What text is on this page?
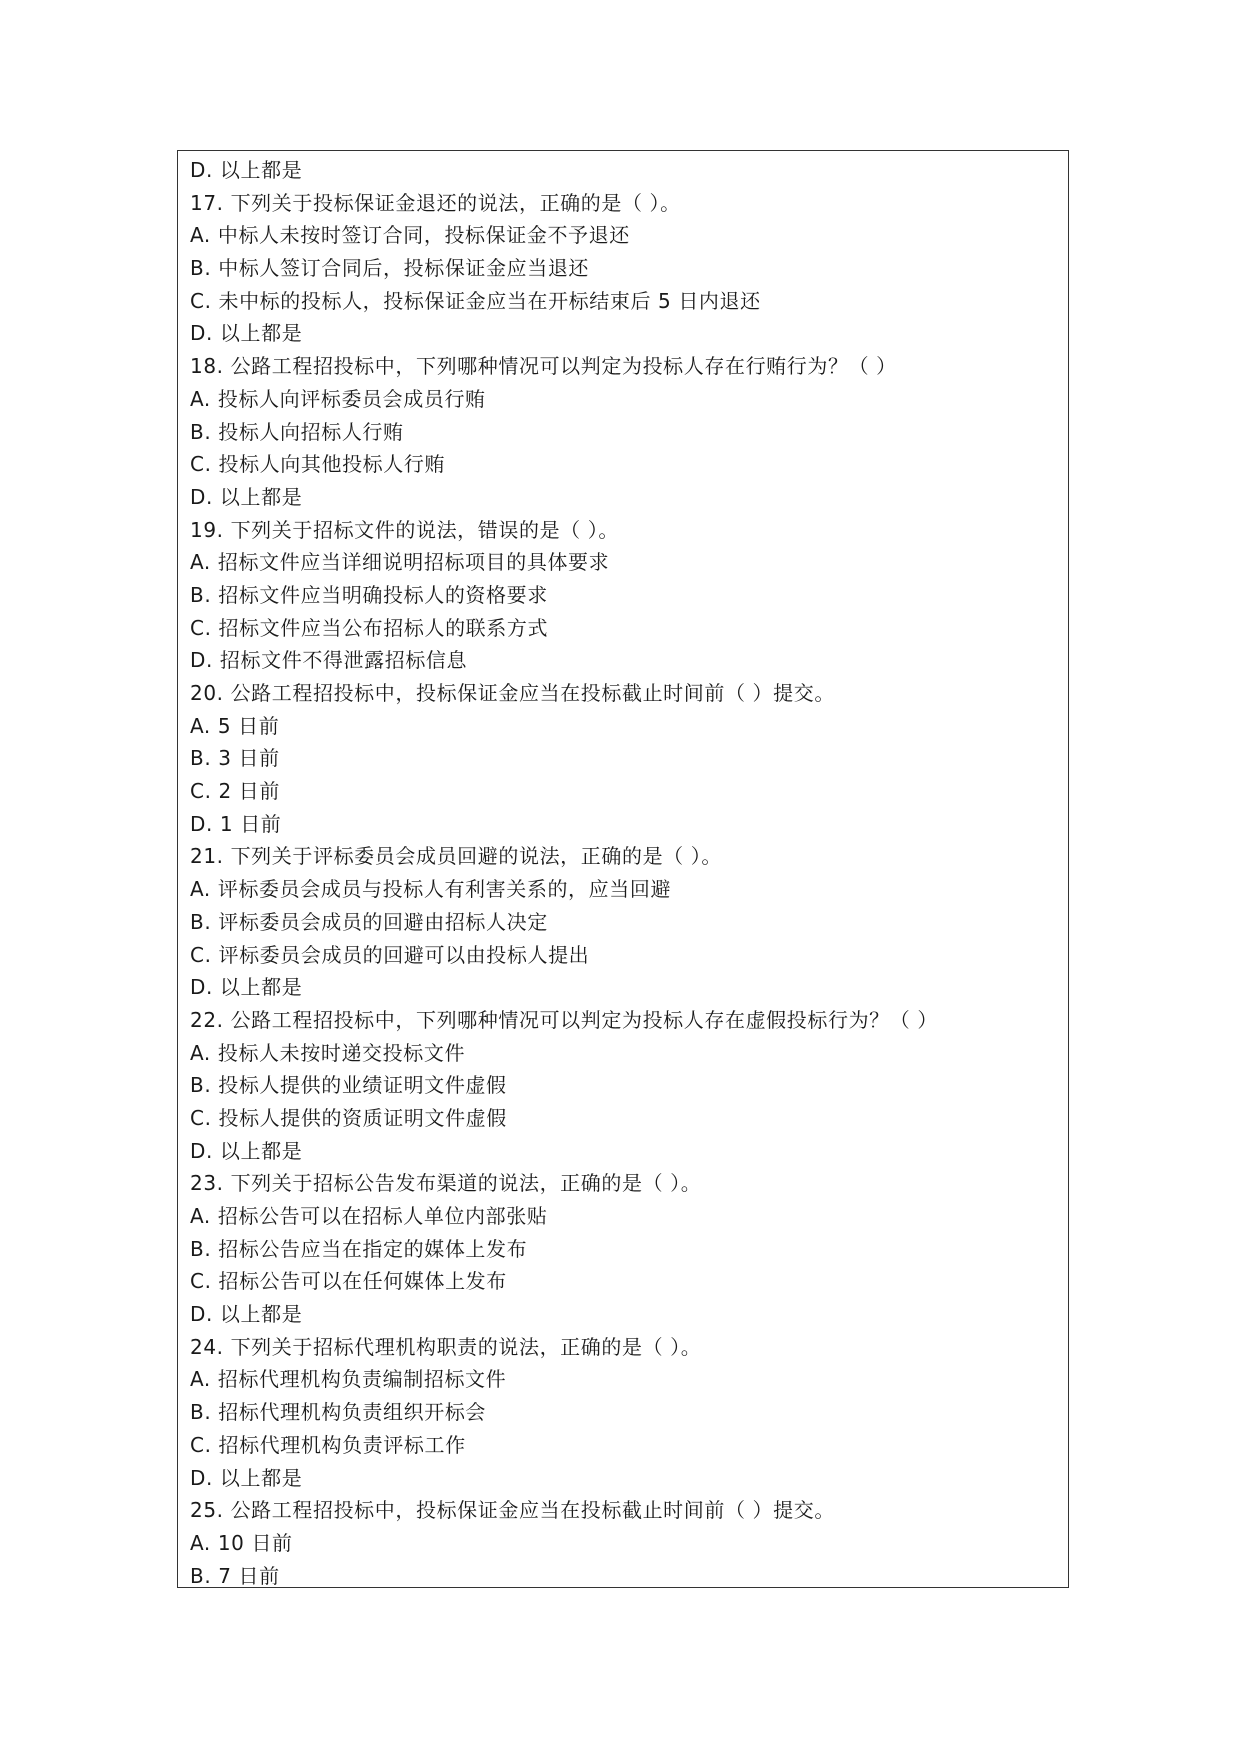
D. 以上都是
17. 下列关于投标保证金退还的说法，正确的是（ ）。
A. 中标人未按时签订合同，投标保证金不予退还
B. 中标人签订合同后，投标保证金应当退还
C. 未中标的投标人，投标保证金应当在开标结束后 5 日内退还
D. 以上都是
18. 公路工程招投标中，下列哪种情况可以判定为投标人存在行贿行为？（ ）
A. 投标人向评标委员会成员行贿
B. 投标人向招标人行贿
C. 投标人向其他投标人行贿
D. 以上都是
19. 下列关于招标文件的说法，错误的是（ ）。
A. 招标文件应当详细说明招标项目的具体要求
B. 招标文件应当明确投标人的资格要求
C. 招标文件应当公布招标人的联系方式
D. 招标文件不得泄露招标信息
20. 公路工程招投标中，投标保证金应当在投标截止时间前（ ）提交。
A. 5 日前
B. 3 日前
C. 2 日前
D. 1 日前
21. 下列关于评标委员会成员回避的说法，正确的是（ ）。
A. 评标委员会成员与投标人有利害关系的，应当回避
B. 评标委员会成员的回避由招标人决定
C. 评标委员会成员的回避可以由投标人提出
D. 以上都是
22. 公路工程招投标中，下列哪种情况可以判定为投标人存在虚假投标行为？（ ）
A. 投标人未按时递交投标文件
B. 投标人提供的业绩证明文件虚假
C. 投标人提供的资质证明文件虚假
D. 以上都是
23. 下列关于招标公告发布渠道的说法，正确的是（ ）。
A. 招标公告可以在招标人单位内部张贴
B. 招标公告应当在指定的媒体上发布
C. 招标公告可以在任何媒体上发布
D. 以上都是
24. 下列关于招标代理机构职责的说法，正确的是（ ）。
A. 招标代理机构负责编制招标文件
B. 招标代理机构负责组织开标会
C. 招标代理机构负责评标工作
D. 以上都是
25. 公路工程招投标中，投标保证金应当在投标截止时间前（ ）提交。
A. 10 日前
B. 7 日前
